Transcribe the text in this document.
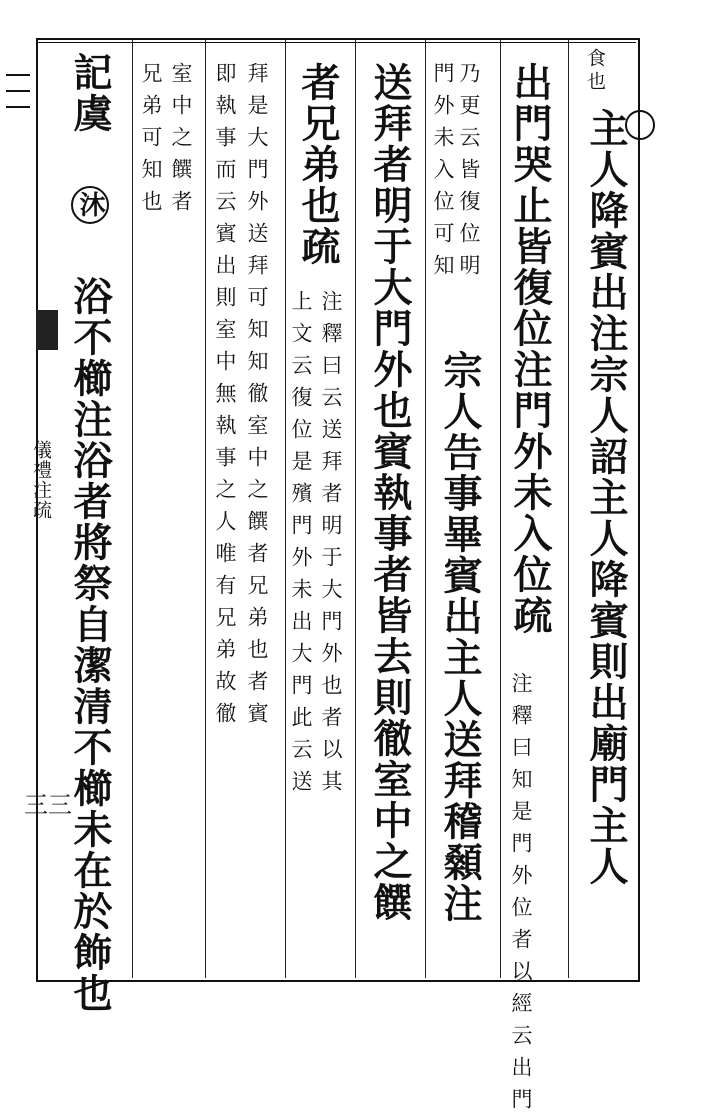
儀禮注疏
三三
食也
主人降賓出注宗人詔主人降賓則出廟門主人
出門哭止皆復位注門外未入位疏
注釋曰知是門外位者以經云出門
乃更云皆復位明
宗人告事畢賓出主人送拜稽顙注
門外未入位可知
送拜者明于大門外也賓執事者皆去則徹室中之饌
者兄弟也疏
注釋曰云送拜者明于大門外也者以其
上文云復位是殯門外未出大門此云送
拜是大門外送拜可知知徹室中之饌者兄弟也者賓
即執事而云賓出則室中無執事之人唯有兄弟故徹
室中之饌者
兄弟可知也
記虞 沐 浴不櫛注浴者將祭自潔清不櫛未在於飾也
